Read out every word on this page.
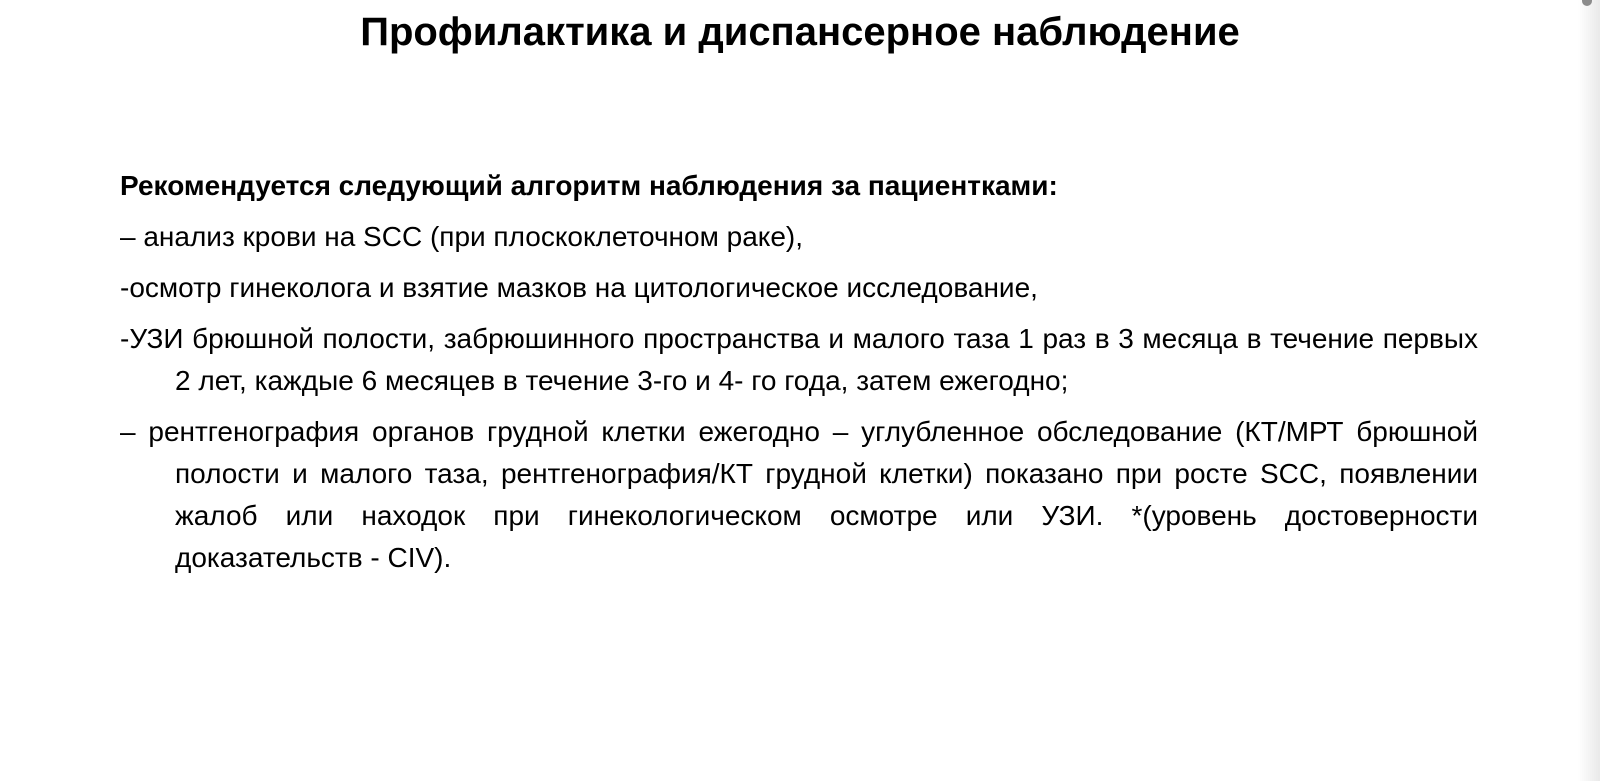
Профилактика и диспансерное наблюдение

Рекомендуется следующий алгоритм наблюдения за пациентками:

– анализ крови на SCC (при плоскоклеточном раке),

-осмотр гинеколога и взятие мазков на цитологическое исследование,

-УЗИ брюшной полости, забрюшинного пространства и малого таза 1 раз в 3 месяца в течение первых 2 лет, каждые 6 месяцев в течение 3-го и 4- го года, затем ежегодно;

– рентгенография органов грудной клетки ежегодно – углубленное обследование (КТ/МРТ брюшной полости и малого таза, рентгенография/КТ грудной клетки) показано при росте SCC, появлении жалоб или находок при гинекологическом осмотре или УЗИ. *(уровень достоверности доказательств - CIV).
